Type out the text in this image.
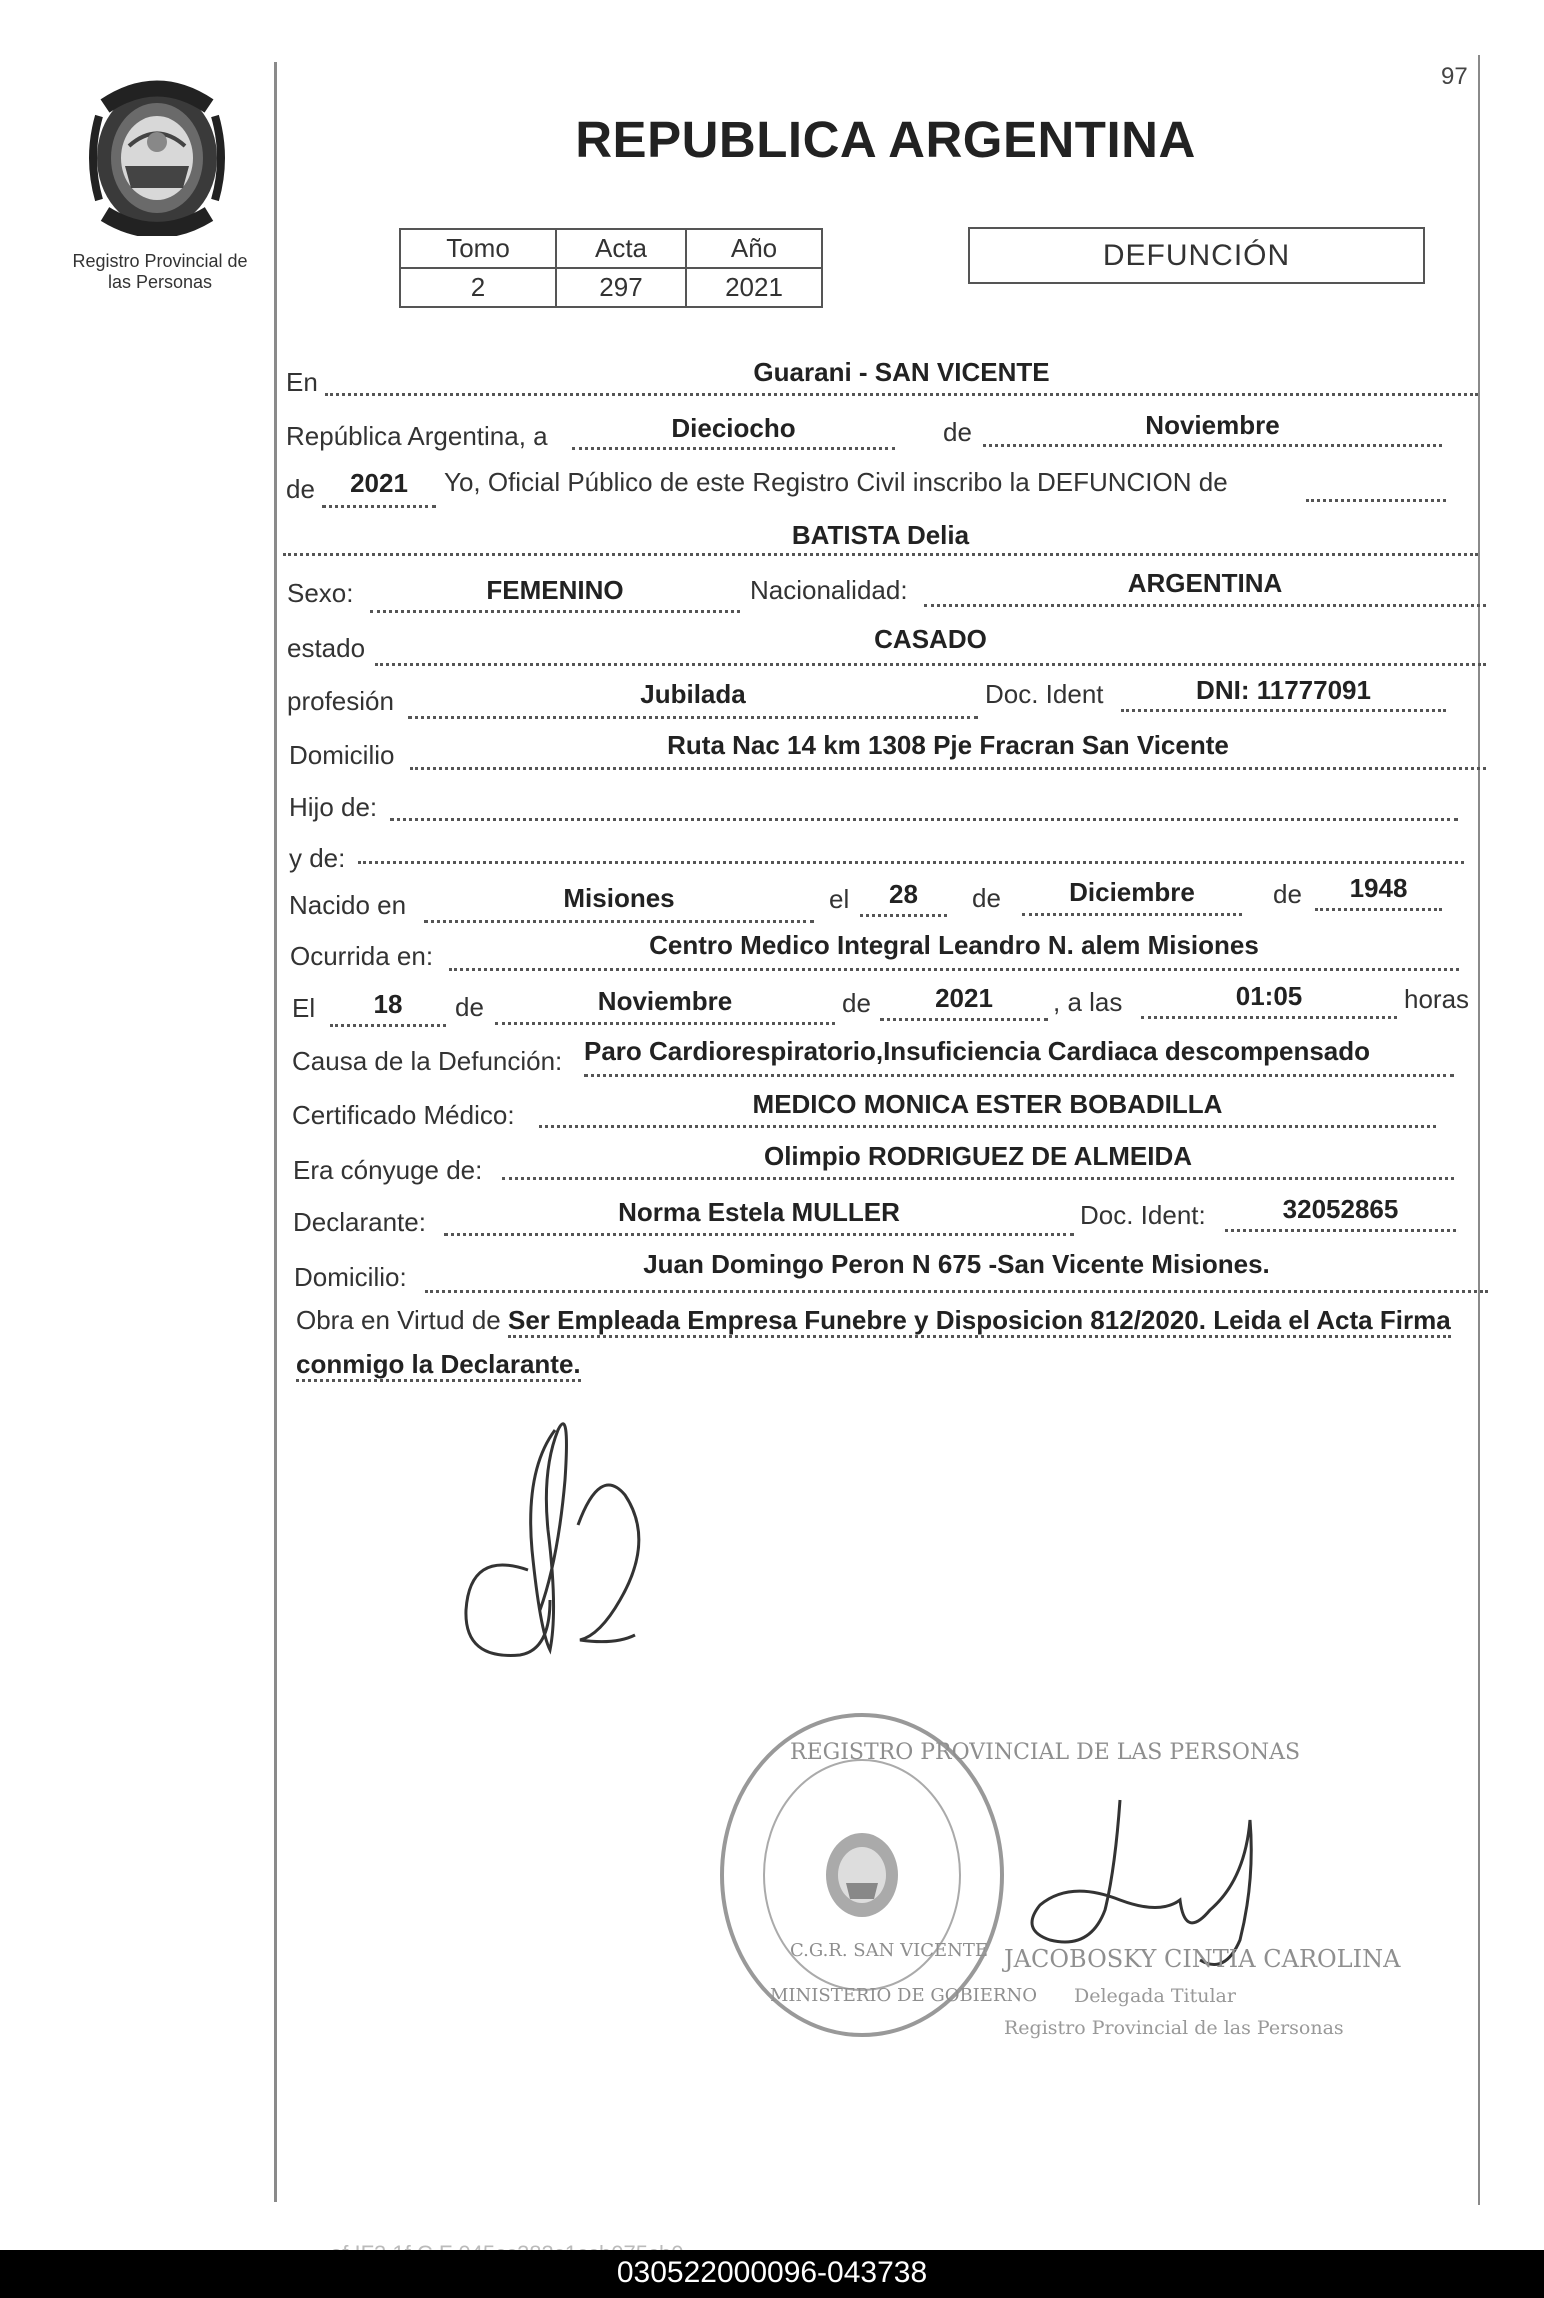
Registro Provincial de
las Personas
97
REPUBLICA ARGENTINA
Tomo	Acta	Año
2	297	2021
DEFUNCIÓN
En	Guarani - SAN VICENTE
República Argentina, a	Dieciocho	de	Noviembre
de	2021	Yo, Oficial Público de este Registro Civil inscribo la DEFUNCION de
BATISTA Delia
Sexo:	FEMENINO	Nacionalidad:	ARGENTINA
estado	CASADO
profesión	Jubilada	Doc. Ident	DNI: 11777091
Domicilio	Ruta Nac 14 km 1308 Pje Fracran San Vicente
Hijo de:
y de:
Nacido en	Misiones	el	28	de	Diciembre	de	1948
Ocurrida en:	Centro Medico Integral Leandro N. alem Misiones
El	18	de	Noviembre	de	2021	, a las	01:05	horas
Causa de la Defunción: Paro Cardiorespiratorio,Insuficiencia Cardiaca descompensado
Certificado Médico:	MEDICO MONICA ESTER BOBADILLA
Era cónyuge de:	Olimpio RODRIGUEZ DE ALMEIDA
Declarante:	Norma Estela MULLER	Doc. Ident:	32052865
Domicilio:	Juan Domingo Peron N 675 -San Vicente Misiones.
Obra en Virtud de Ser Empleada Empresa Funebre y Disposicion 812/2020. Leida el Acta Firma conmigo la Declarante.
REGISTRO PROVINCIAL DE LAS PERSONAS
C.G.R. SAN VICENTE
MINISTERIO DE GOBIERNO
JACOBOSKY CINTIA CAROLINA
Delegada Titular
Registro Provincial de las Personas
030522000096-043738
